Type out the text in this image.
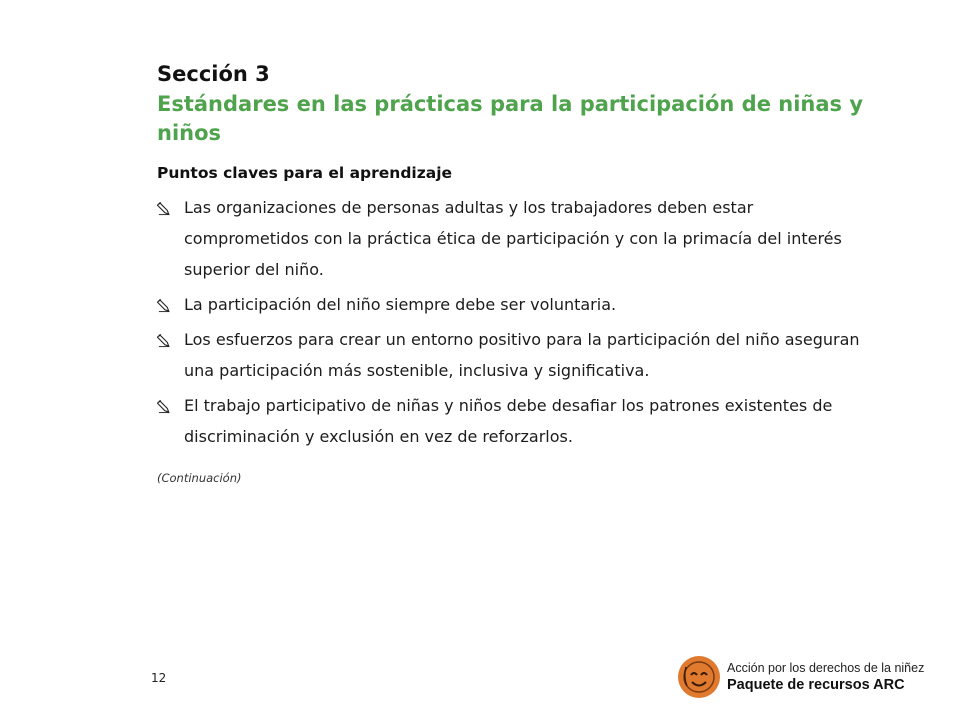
Sección 3
Estándares en las prácticas para la participación de niñas y niños
Puntos claves para el aprendizaje
Las organizaciones de personas adultas y los trabajadores deben estar comprometidos con la práctica ética de participación y con la primacía del interés superior del niño.
La participación del niño siempre debe ser voluntaria.
Los esfuerzos para crear un entorno positivo para la participación del niño aseguran una participación más sostenible, inclusiva y significativa.
El trabajo participativo de niñas y niños debe desafiar los patrones existentes de discriminación y exclusión en vez de reforzarlos.
(Continuación)
12
Acción por los derechos de la niñez
Paquete de recursos ARC
